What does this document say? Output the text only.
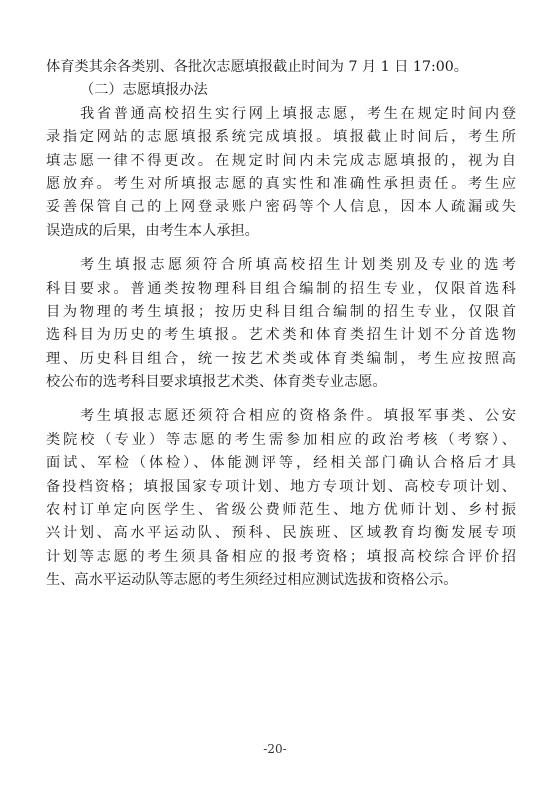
体育类其余各类别、各批次志愿填报截止时间为 7 月 1 日 17:00。
（二）志愿填报办法
我省普通高校招生实行网上填报志愿，考生在规定时间内登
录指定网站的志愿填报系统完成填报。填报截止时间后，考生所
填志愿一律不得更改。在规定时间内未完成志愿填报的，视为自
愿放弃。考生对所填报志愿的真实性和准确性承担责任。考生应
妥善保管自己的上网登录账户密码等个人信息，因本人疏漏或失
误造成的后果，由考生本人承担。
考生填报志愿须符合所填高校招生计划类别及专业的选考
科目要求。普通类按物理科目组合编制的招生专业，仅限首选科
目为物理的考生填报；按历史科目组合编制的招生专业，仅限首
选科目为历史的考生填报。艺术类和体育类招生计划不分首选物
理、历史科目组合，统一按艺术类或体育类编制，考生应按照高
校公布的选考科目要求填报艺术类、体育类专业志愿。
考生填报志愿还须符合相应的资格条件。填报军事类、公安
类院校（专业）等志愿的考生需参加相应的政治考核（考察）、
面试、军检（体检）、体能测评等，经相关部门确认合格后才具
备投档资格；填报国家专项计划、地方专项计划、高校专项计划、
农村订单定向医学生、省级公费师范生、地方优师计划、乡村振
兴计划、高水平运动队、预科、民族班、区域教育均衡发展专项
计划等志愿的考生须具备相应的报考资格；填报高校综合评价招
生、高水平运动队等志愿的考生须经过相应测试选拔和资格公示。
-20-
